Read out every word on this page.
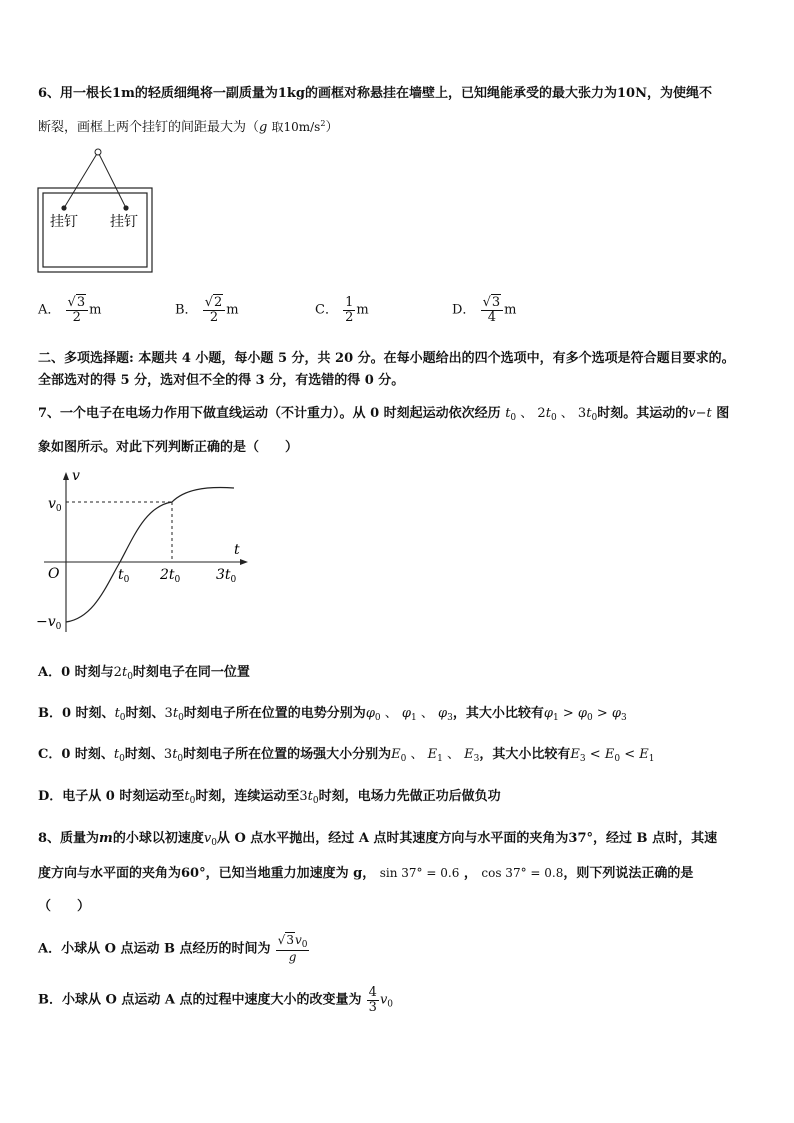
6、用一根长1m的轻质细绳将一副质量为1kg的画框对称悬挂在墙壁上，已知绳能承受的最大张力为10N，为使绳不
断裂，画框上两个挂钉的间距最大为（g 取$10m/s^2$）
挂钉 挂钉
A． $\frac{√3}{2}$ m	B． $\frac{√2}{2}$ m	C． $\frac{1}{2}$ m	D． $\frac{√3}{4}$ m
二、多项选择题: 本题共 4 小题，每小题 5 分，共 20 分。在每小题给出的四个选项中，有多个选项是符合题目要求的。
全部选对的得 5 分，选对但不全的得 3 分，有选错的得 0 分。
7、一个电子在电场力作用下做直线运动（不计重力）。从 0 时刻起运动依次经历 $t_0$ 、 $2t_0$ 、 $3t_0$时刻。其运动的v−t 图
象如图所示。对此下列判断正确的是（　　）
v
t
O
$v_0$
$-v_0$
$t_0$ $2t_0$	$3t_0$
A．0 时刻与$2t_0$时刻电子在同一位置
B．0 时刻、$t_0$时刻、$3t_0$时刻电子所在位置的电势分别为$\varphi_0$ 、 $\varphi_1$ 、 $\varphi_3$，其大小比较有$\varphi_1 > \varphi_0 > \varphi_3$
C．0 时刻、$t_0$时刻、$3t_0$时刻电子所在位置的场强大小分别为$E_0$ 、 $E_1$ 、 $E_3$，其大小比较有$E_3 < E_0 < E_1$
D．电子从 0 时刻运动至$t_0$时刻，连续运动至$3t_0$时刻，电场力先做正功后做负功
8、质量为m的小球以初速度$v_0$从 O 点水平抛出，经过 A 点时其速度方向与水平面的夹角为37°，经过 B 点时，其速
度方向与水平面的夹角为60°，已知当地重力加速度为 g， sin 37° = 0.6 ， cos 37° = 0.8，则下列说法正确的是
（　　）
A．小球从 O 点运动 B 点经历的时间为 $\frac{√3v_0}{g}$
B．小球从 O 点运动 A 点的过程中速度大小的改变量为 $\frac{4}{3} v_0$
